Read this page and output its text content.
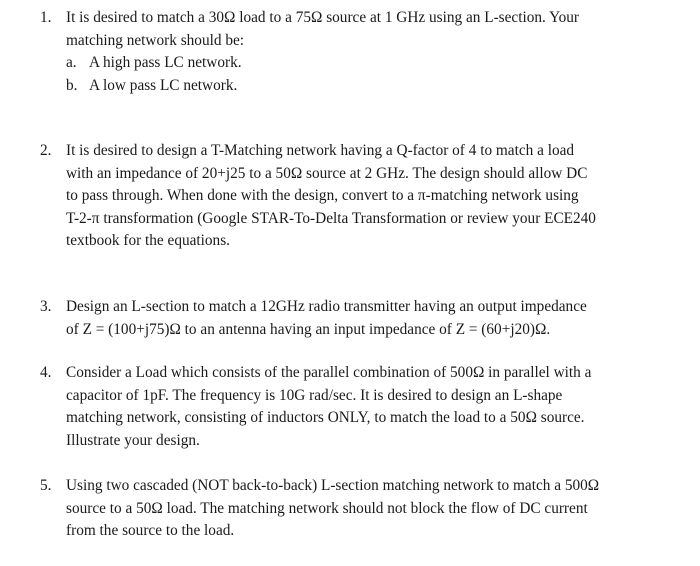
1. It is desired to match a 30Ω load to a 75Ω source at 1 GHz using an L-section. Your
matching network should be:
a. A high pass LC network.
b. A low pass LC network.
2. It is desired to design a T-Matching network having a Q-factor of 4 to match a load
with an impedance of 20+j25 to a 50Ω source at 2 GHz. The design should allow DC
to pass through. When done with the design, convert to a π-matching network using
T-2-π transformation (Google STAR-To-Delta Transformation or review your ECE240
textbook for the equations.
3. Design an L-section to match a 12GHz radio transmitter having an output impedance
of Z = (100+j75)Ω to an antenna having an input impedance of Z = (60+j20)Ω.
4. Consider a Load which consists of the parallel combination of 500Ω in parallel with a
capacitor of 1pF. The frequency is 10G rad/sec. It is desired to design an L-shape
matching network, consisting of inductors ONLY, to match the load to a 50Ω source.
Illustrate your design.
5. Using two cascaded (NOT back-to-back) L-section matching network to match a 500Ω
source to a 50Ω load. The matching network should not block the flow of DC current
from the source to the load.
